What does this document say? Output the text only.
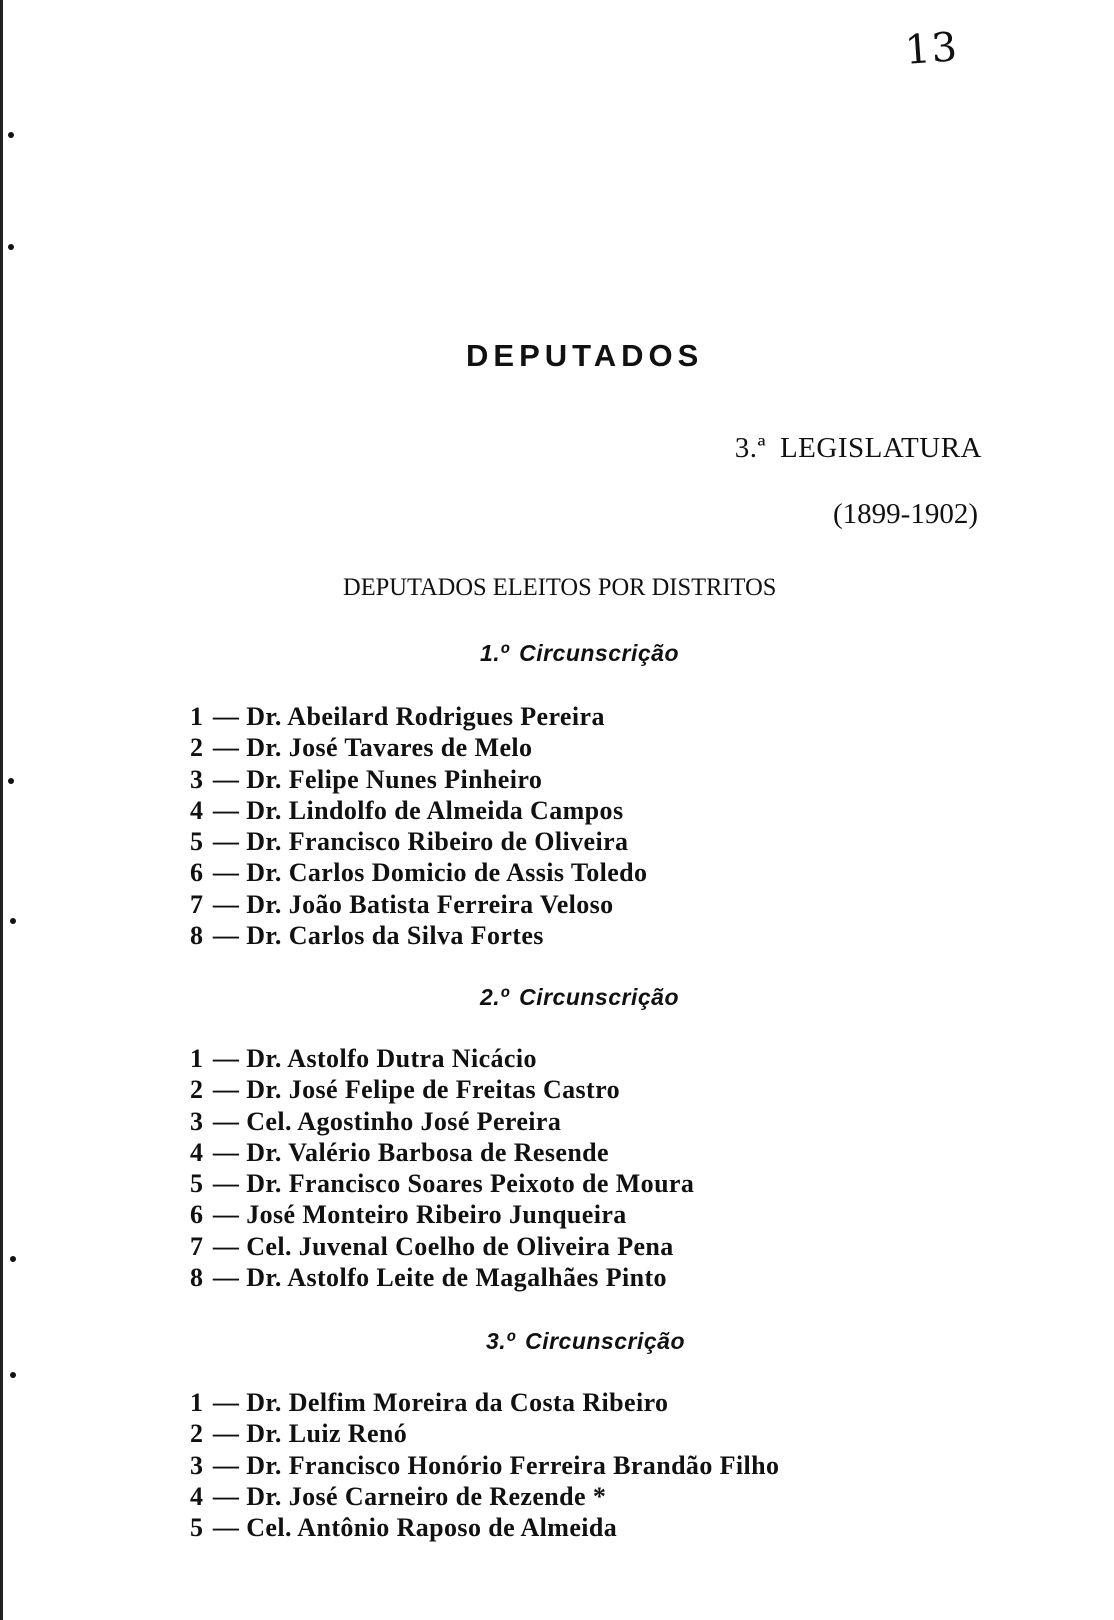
13
DEPUTADOS
3.ª LEGISLATURA
(1899-1902)
DEPUTADOS ELEITOS POR DISTRITOS
1.º Circunscrição
1 — Dr. Abeilard Rodrigues Pereira
2 — Dr. José Tavares de Melo
3 — Dr. Felipe Nunes Pinheiro
4 — Dr. Lindolfo de Almeida Campos
5 — Dr. Francisco Ribeiro de Oliveira
6 — Dr. Carlos Domicio de Assis Toledo
7 — Dr. João Batista Ferreira Veloso
8 — Dr. Carlos da Silva Fortes
2.º Circunscrição
1 — Dr. Astolfo Dutra Nicácio
2 — Dr. José Felipe de Freitas Castro
3 — Cel. Agostinho José Pereira
4 — Dr. Valério Barbosa de Resende
5 — Dr. Francisco Soares Peixoto de Moura
6 — José Monteiro Ribeiro Junqueira
7 — Cel. Juvenal Coelho de Oliveira Pena
8 — Dr. Astolfo Leite de Magalhães Pinto
3.º Circunscrição
1 — Dr. Delfim Moreira da Costa Ribeiro
2 — Dr. Luiz Renó
3 — Dr. Francisco Honório Ferreira Brandão Filho
4 — Dr. José Carneiro de Rezende *
5 — Cel. Antônio Raposo de Almeida
